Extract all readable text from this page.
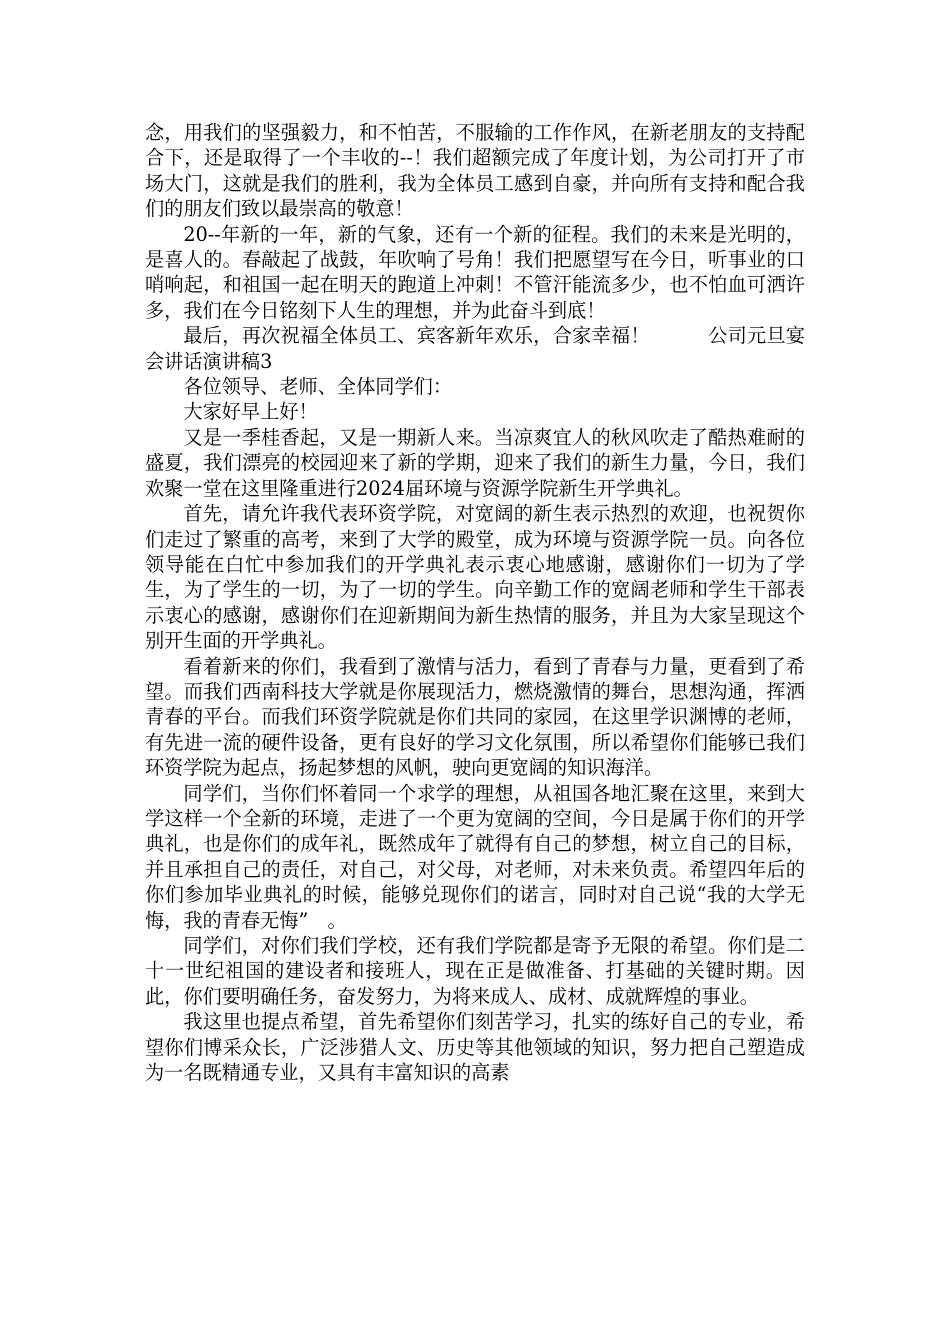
念，用我们的坚强毅力，和不怕苦，不服输的工作作风，在新老朋友的支持配合下，还是取得了一个丰收的--！我们超额完成了年度计划，为公司打开了市场大门，这就是我们的胜利，我为全体员工感到自豪，并向所有支持和配合我们的朋友们致以最崇高的敬意！

20--年新的一年，新的气象，还有一个新的征程。我们的未来是光明的，是喜人的。春敲起了战鼓，年吹响了号角！我们把愿望写在今日，听事业的口哨响起，和祖国一起在明天的跑道上冲刺！不管汗能流多少，也不怕血可洒许多，我们在今日铭刻下人生的理想，并为此奋斗到底！

最后，再次祝福全体员工、宾客新年欢乐，合家幸福！　　　公司元旦宴会讲话演讲稿3

各位领导、老师、全体同学们：

大家好早上好！

又是一季桂香起，又是一期新人来。当凉爽宜人的秋风吹走了酷热难耐的盛夏，我们漂亮的校园迎来了新的学期，迎来了我们的新生力量，今日，我们欢聚一堂在这里隆重进行2024届环境与资源学院新生开学典礼。

首先，请允许我代表环资学院，对宽阔的新生表示热烈的欢迎，也祝贺你们走过了繁重的高考，来到了大学的殿堂，成为环境与资源学院一员。向各位领导能在白忙中参加我们的开学典礼表示衷心地感谢，感谢你们一切为了学生，为了学生的一切，为了一切的学生。向辛勤工作的宽阔老师和学生干部表示衷心的感谢，感谢你们在迎新期间为新生热情的服务，并且为大家呈现这个别开生面的开学典礼。

看着新来的你们，我看到了激情与活力，看到了青春与力量，更看到了希望。而我们西南科技大学就是你展现活力，燃烧激情的舞台，思想沟通，挥洒青春的平台。而我们环资学院就是你们共同的家园，在这里学识渊博的老师，有先进一流的硬件设备，更有良好的学习文化氛围，所以希望你们能够已我们环资学院为起点，扬起梦想的风帆，驶向更宽阔的知识海洋。

同学们，当你们怀着同一个求学的理想，从祖国各地汇聚在这里，来到大学这样一个全新的环境，走进了一个更为宽阔的空间，今日是属于你们的开学典礼，也是你们的成年礼，既然成年了就得有自己的梦想，树立自己的目标，并且承担自己的责任，对自己，对父母，对老师，对未来负责。希望四年后的你们参加毕业典礼的时候，能够兑现你们的诺言，同时对自己说“我的大学无悔，我的青春无悔”　。

同学们，对你们我们学校，还有我们学院都是寄予无限的希望。你们是二十一世纪祖国的建设者和接班人，现在正是做准备、打基础的关键时期。因此，你们要明确任务，奋发努力，为将来成人、成材、成就辉煌的事业。

我这里也提点希望，首先希望你们刻苦学习，扎实的练好自己的专业，希望你们博采众长，广泛涉猎人文、历史等其他领域的知识，努力把自己塑造成为一名既精通专业，又具有丰富知识的高素
